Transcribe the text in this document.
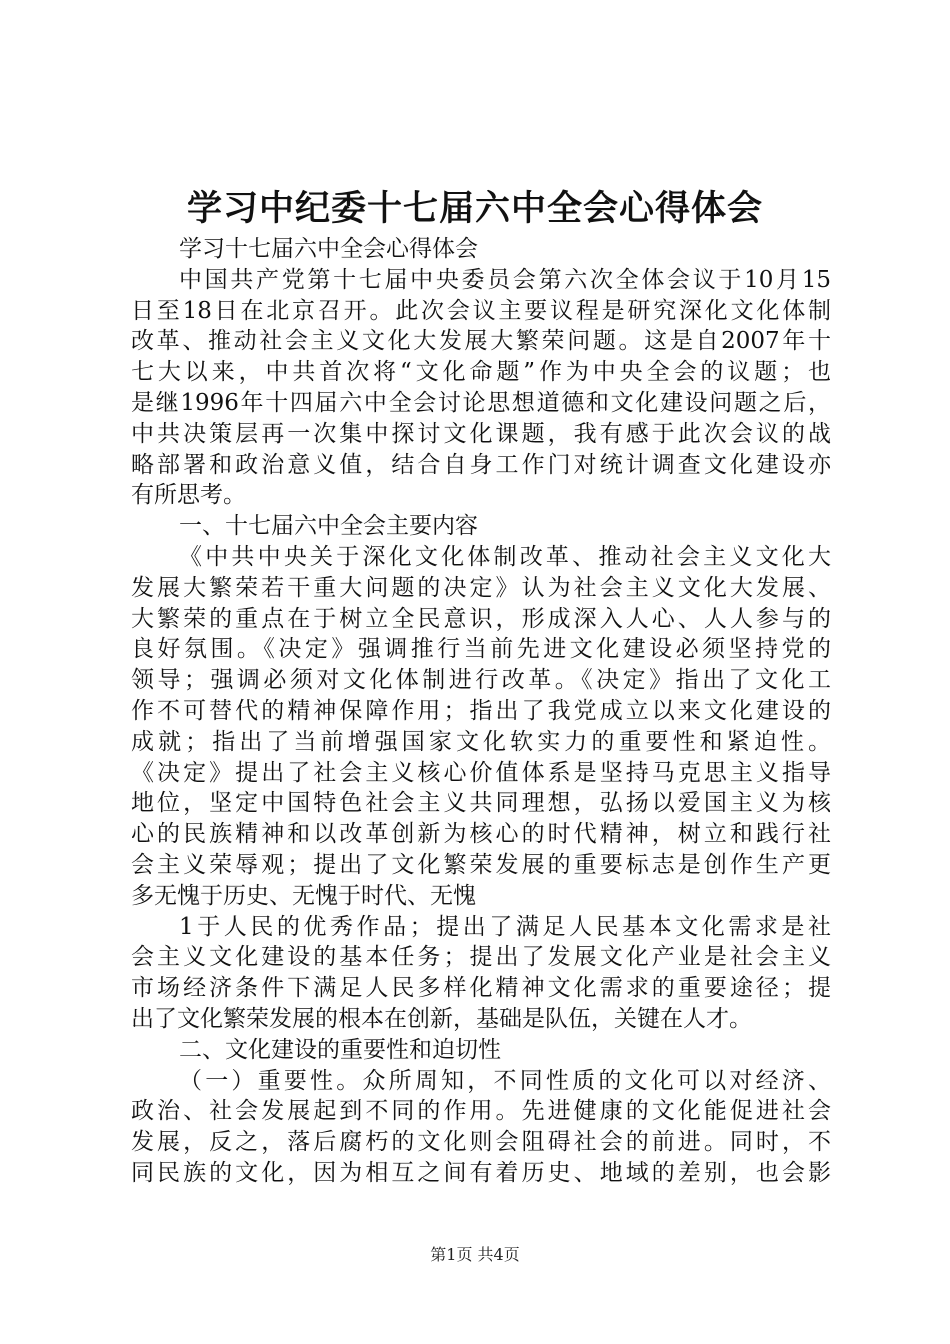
学习中纪委十七届六中全会心得体会
学习十七届六中全会心得体会
中国共产党第十七届中央委员会第六次全体会议于10月15
日至18日在北京召开。此次会议主要议程是研究深化文化体制
改革、推动社会主义文化大发展大繁荣问题。这是自2007年十
七大以来，中共首次将“文化命题”作为中央全会的议题；也
是继1996年十四届六中全会讨论思想道德和文化建设问题之后，
中共决策层再一次集中探讨文化课题，我有感于此次会议的战
略部署和政治意义值，结合自身工作门对统计调查文化建设亦
有所思考。
一、十七届六中全会主要内容
《中共中央关于深化文化体制改革、推动社会主义文化大
发展大繁荣若干重大问题的决定》认为社会主义文化大发展、
大繁荣的重点在于树立全民意识，形成深入人心、人人参与的
良好氛围。《决定》强调推行当前先进文化建设必须坚持党的
领导；强调必须对文化体制进行改革。《决定》指出了文化工
作不可替代的精神保障作用；指出了我党成立以来文化建设的
成就；指出了当前增强国家文化软实力的重要性和紧迫性。
《决定》提出了社会主义核心价值体系是坚持马克思主义指导
地位，坚定中国特色社会主义共同理想，弘扬以爱国主义为核
心的民族精神和以改革创新为核心的时代精神，树立和践行社
会主义荣辱观；提出了文化繁荣发展的重要标志是创作生产更
多无愧于历史、无愧于时代、无愧
1于人民的优秀作品；提出了满足人民基本文化需求是社
会主义文化建设的基本任务；提出了发展文化产业是社会主义
市场经济条件下满足人民多样化精神文化需求的重要途径；提
出了文化繁荣发展的根本在创新，基础是队伍，关键在人才。
二、文化建设的重要性和迫切性
（一）重要性。众所周知，不同性质的文化可以对经济、
政治、社会发展起到不同的作用。先进健康的文化能促进社会
发展，反之，落后腐朽的文化则会阻碍社会的前进。同时，不
同民族的文化，因为相互之间有着历史、地域的差别，也会影
第1页 共4页
